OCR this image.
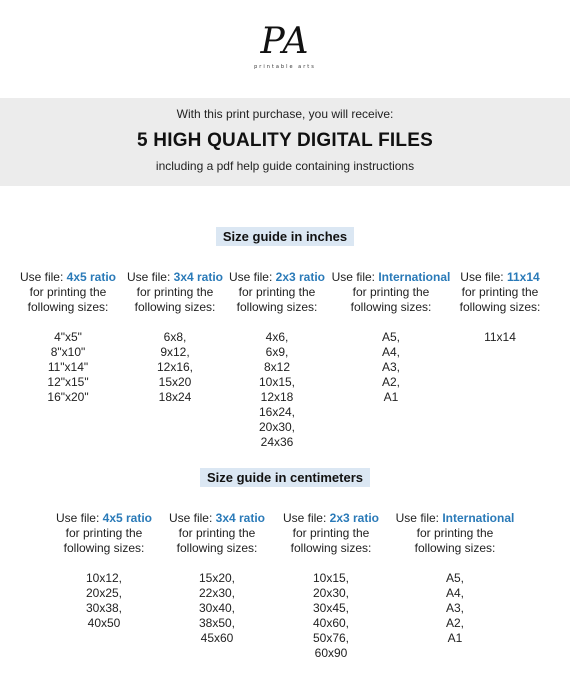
PA
printable arts
With this print purchase, you will receive:
5 HIGH QUALITY DIGITAL FILES
including a pdf help guide containing instructions
Size guide in inches
Use file: 4x5 ratio
for printing the
following sizes:
4"x5"
8"x10"
11"x14"
12"x15"
16"x20"
Use file: 3x4 ratio
for printing the
following sizes:
6x8,
9x12,
12x16,
15x20
18x24
Use file: 2x3 ratio
for printing the
following sizes:
4x6,
6x9,
8x12
10x15,
12x18
16x24,
20x30,
24x36
Use file: International
for printing the
following sizes:
A5,
A4,
A3,
A2,
A1
Use file: 11x14
for printing the
following sizes:
11x14
Size guide in centimeters
Use file: 4x5 ratio
for printing the
following sizes:
10x12,
20x25,
30x38,
40x50
Use file: 3x4 ratio
for printing the
following sizes:
15x20,
22x30,
30x40,
38x50,
45x60
Use file: 2x3 ratio
for printing the
following sizes:
10x15,
20x30,
30x45,
40x60,
50x76,
60x90
Use file: International
for printing the
following sizes:
A5,
A4,
A3,
A2,
A1
